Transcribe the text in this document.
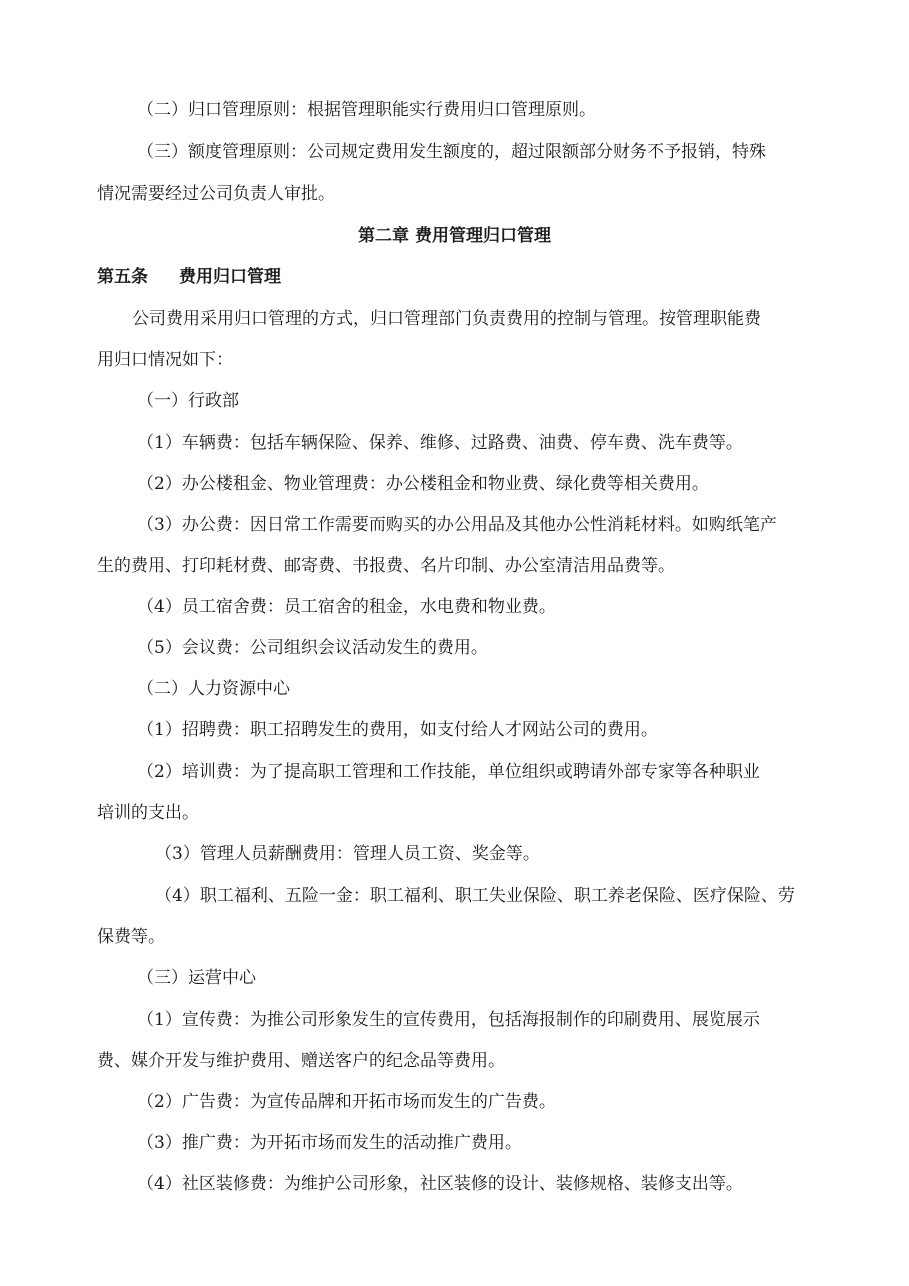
（二）归口管理原则：根据管理职能实行费用归口管理原则。
（三）额度管理原则：公司规定费用发生额度的，超过限额部分财务不予报销，特殊
情况需要经过公司负责人审批。
第二章 费用管理归口管理
第五条 费用归口管理
公司费用采用归口管理的方式，归口管理部门负责费用的控制与管理。按管理职能费
用归口情况如下：
（一）行政部
（1）车辆费：包括车辆保险、保养、维修、过路费、油费、停车费、洗车费等。
（2）办公楼租金、物业管理费：办公楼租金和物业费、绿化费等相关费用。
（3）办公费：因日常工作需要而购买的办公用品及其他办公性消耗材料。如购纸笔产
生的费用、打印耗材费、邮寄费、书报费、名片印制、办公室清洁用品费等。
（4）员工宿舍费：员工宿舍的租金，水电费和物业费。
（5）会议费：公司组织会议活动发生的费用。
（二）人力资源中心
（1）招聘费：职工招聘发生的费用，如支付给人才网站公司的费用。
（2）培训费：为了提高职工管理和工作技能，单位组织或聘请外部专家等各种职业
培训的支出。
（3）管理人员薪酬费用：管理人员工资、奖金等。
（4）职工福利、五险一金：职工福利、职工失业保险、职工养老保险、医疗保险、劳
保费等。
（三）运营中心
（1）宣传费：为推公司形象发生的宣传费用，包括海报制作的印刷费用、展览展示
费、媒介开发与维护费用、赠送客户的纪念品等费用。
（2）广告费：为宣传品牌和开拓市场而发生的广告费。
（3）推广费：为开拓市场而发生的活动推广费用。
（4）社区装修费：为维护公司形象，社区装修的设计、装修规格、装修支出等。
